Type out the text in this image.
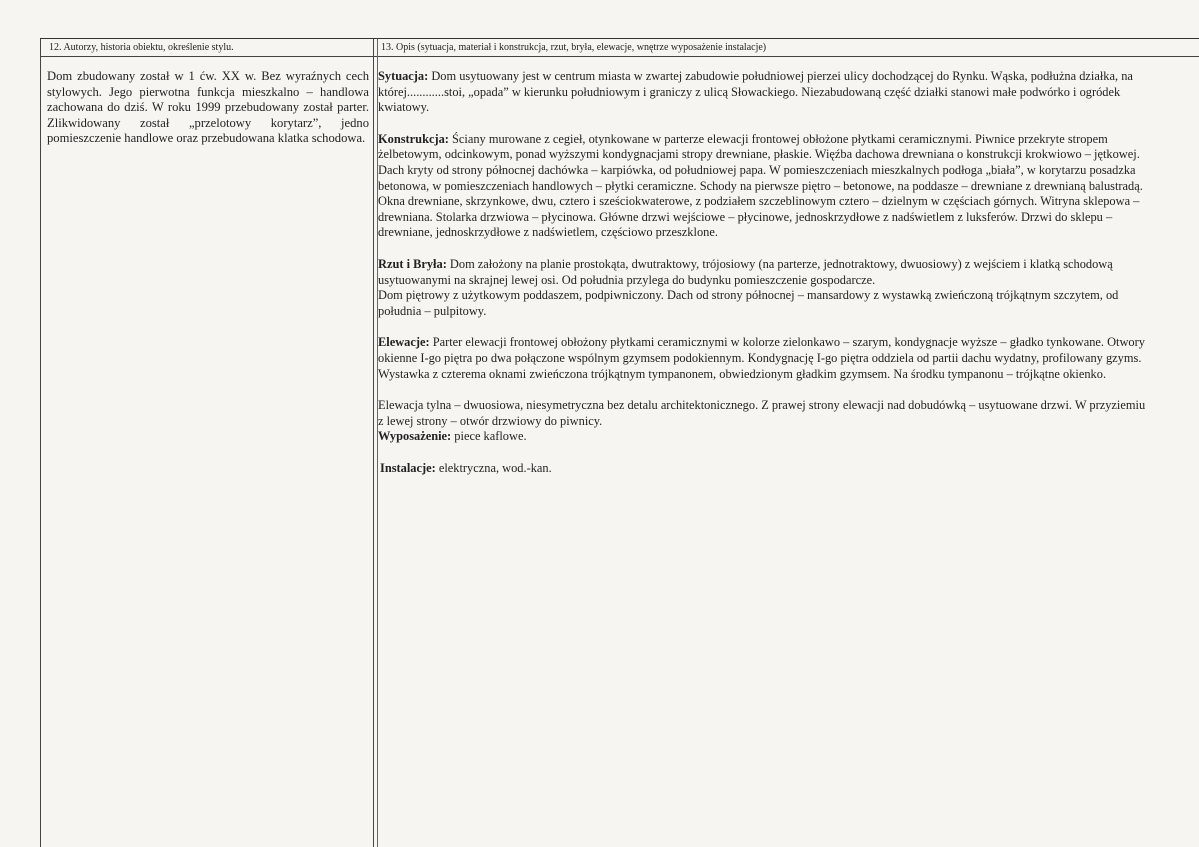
12. Autorzy, historia obiektu, określenie stylu.
Dom zbudowany został w 1 ćw. XX w. Bez wyraźnych cech stylowych. Jego pierwotna funkcja mieszkalno – handlowa zachowana do dziś. W roku 1999 przebudowany został parter. Zlikwidowany został „przelotowy korytarz”, jedno pomieszczenie handlowe oraz przebudowana klatka schodowa.
13. Opis (sytuacja, materiał i konstrukcja, rzut, bryła, elewacje, wnętrze wyposażenie instalacje)

Sytuacja: Dom usytuowany jest w centrum miasta w zwartej zabudowie południowej pierzei ulicy dochodzącej do Rynku. Wąska, podłużna działka, na której............stoi, „opada” w kierunku południowym i graniczy z ulicą Słowackiego. Niezabudowaną część działki stanowi małe podwórko i ogródek kwiatowy.

Konstrukcja: Ściany murowane z cegieł, otynkowane w parterze elewacji frontowej obłożone płytkami ceramicznymi. Piwnice przekryte stropem żelbetowym, odcinkowym, ponad wyższymi kondygnacjami stropy drewniane, płaskie. Więźba dachowa drewniana o konstrukcji krokwiowo – jętkowej. Dach kryty od strony północnej dachówka – karpiówka, od południowej papa. W pomieszczeniach mieszkalnych podłoga „biała”, w korytarzu posadzka betonowa, w pomieszczeniach handlowych – płytki ceramiczne. Schody na pierwsze piętro – betonowe, na poddasze – drewniane z drewnianą balustradą. Okna drewniane, skrzynkowe, dwu, cztero i sześciokwaterowe, z podziałem szczeblinowym cztero – dzielnym w częściach górnych. Witryna sklepowa – drewniana. Stolarka drzwiowa – płycinowa. Główne drzwi wejściowe – płycinowe, jednoskrzydłowe z nadświetlem z luksferów. Drzwi do sklepu – drewniane, jednoskrzydłowe z nadświetlem, częściowo przeszklone.

Rzut i Bryła: Dom założony na planie prostokąta, dwutraktowy, trójosiowy (na parterze, jednotraktowy, dwuosiowy) z wejściem i klatką schodową usytuowanymi na skrajnej lewej osi. Od południa przylega do budynku pomieszczenie gospodarcze.

Dom piętrowy z użytkowym poddaszem, podpiwniczony. Dach od strony północnej – mansardowy z wystawką zwieńczoną trójkątnym szczytem, od południa – pulpitowy.

Elewacje: Parter elewacji frontowej obłożony płytkami ceramicznymi w kolorze zielonkawo – szarym, kondygnacje wyższe – gładko tynkowane. Otwory okienne I-go piętra po dwa połączone wspólnym gzymsem podokiennym. Kondygnację I-go piętra oddziela od partii dachu wydatny, profilowany gzyms. Wystawka z czterema oknami zwieńczona trójkątnym tympanonem, obwiedzionym gładkim gzymsem. Na środku tympanonu – trójkątne okienko.

Elewacja tylna – dwuosiowa, niesymetryczna bez detalu architektonicznego. Z prawej strony elewacji nad dobudówką – usytuowane drzwi. W przyziemiu z lewej strony – otwór drzwiowy do piwnicy.

Wyposażenie: piece kaflowe.

Instalacje: elektryczna, wod.-kan.
